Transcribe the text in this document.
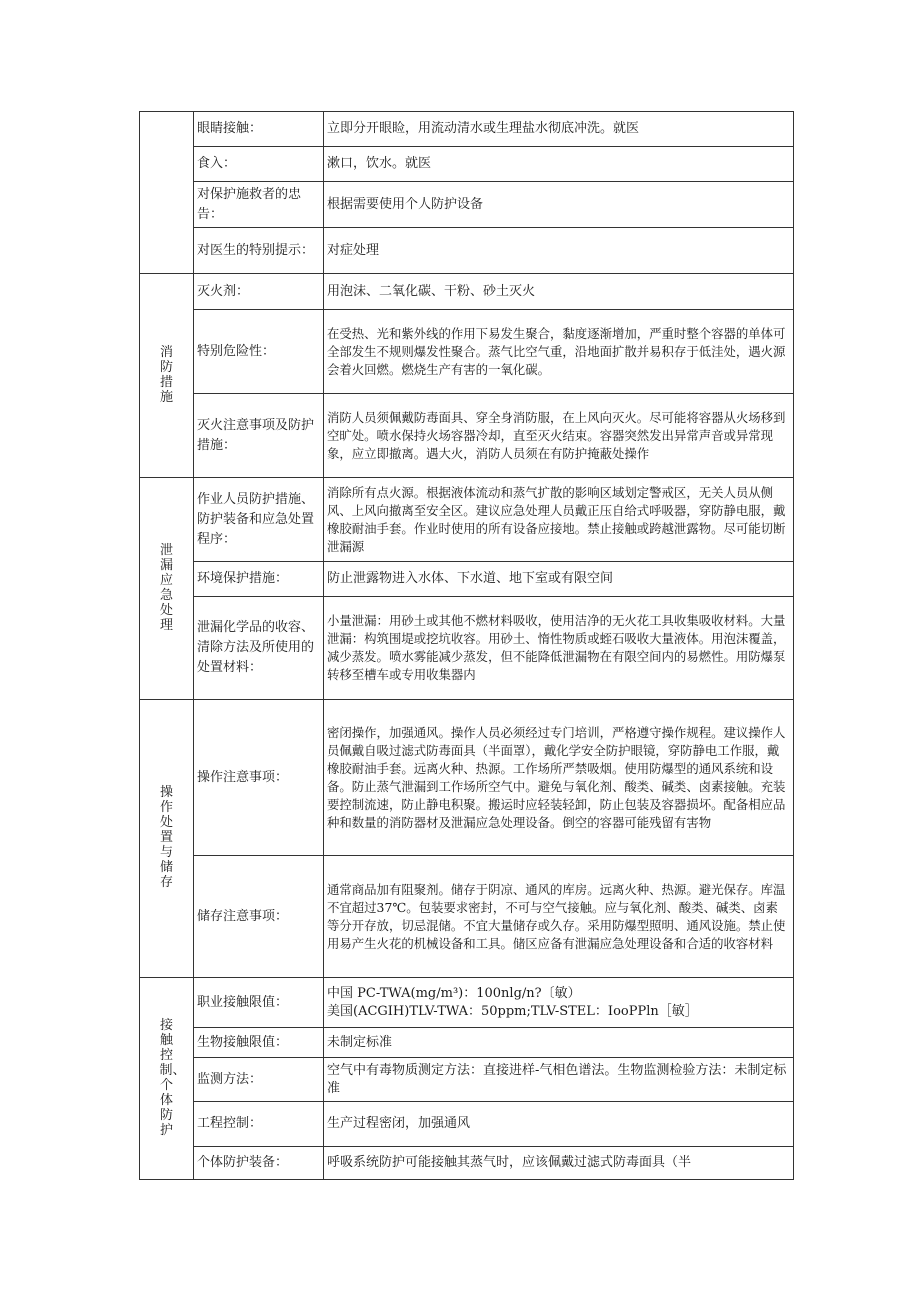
	眼睛接触：	立即分开眼睑，用流动清水或生理盐水彻底冲洗。就医
	食入：	漱口，饮水。就医
	对保护施救者的忠告：	根据需要使用个人防护设备
	对医生的特别提示：	对症处理
消防措施	灭火剂：	用泡沫、二氧化碳、干粉、砂土灭火
	特别危险性：	在受热、光和紫外线的作用下易发生聚合，黏度逐渐增加，严重时整个容器的单体可全部发生不规则爆发性聚合。蒸气比空气重，沿地面扩散并易积存于低洼处，遇火源会着火回燃。燃烧生产有害的一氧化碳。
	灭火注意事项及防护措施：	消防人员须佩戴防毒面具、穿全身消防服，在上风向灭火。尽可能将容器从火场移到空旷处。喷水保持火场容器冷却，直至灭火结束。容器突然发出异常声音或异常现象，应立即撤离。遇大火，消防人员须在有防护掩蔽处操作
泄漏应急处理	作业人员防护措施、防护装备和应急处置程序：	消除所有点火源。根据液体流动和蒸气扩散的影响区域划定警戒区，无关人员从侧风、上风向撤离至安全区。建议应急处理人员戴正压自给式呼吸器，穿防静电服，戴橡胶耐油手套。作业时使用的所有设备应接地。禁止接触或跨越泄露物。尽可能切断泄漏源
	环境保护措施：	防止泄露物进入水体、下水道、地下室或有限空间
	泄漏化学品的收容、清除方法及所使用的处置材料：	小量泄漏：用砂土或其他不燃材料吸收，使用洁净的无火花工具收集吸收材料。大量泄漏：构筑围堤或挖坑收容。用砂土、惰性物质或蛭石吸收大量液体。用泡沫覆盖，减少蒸发。喷水雾能减少蒸发，但不能降低泄漏物在有限空间内的易燃性。用防爆泵转移至槽车或专用收集器内
操作处置与储存	操作注意事项：	密闭操作，加强通风。操作人员必须经过专门培训，严格遵守操作规程。建议操作人员佩戴自吸过滤式防毒面具（半面罩），戴化学安全防护眼镜，穿防静电工作服，戴橡胶耐油手套。远离火种、热源。工作场所严禁吸烟。使用防爆型的通风系统和设备。防止蒸气泄漏到工作场所空气中。避免与氧化剂、酸类、碱类、卤素接触。充装要控制流速，防止静电积聚。搬运时应轻装轻卸，防止包装及容器损坏。配备相应品种和数量的消防器材及泄漏应急处理设备。倒空的容器可能残留有害物
	储存注意事项：	通常商品加有阻聚剂。储存于阴凉、通风的库房。远离火种、热源。避光保存。库温不宜超过37℃。包装要求密封，不可与空气接触。应与氧化剂、酸类、碱类、卤素等分开存放，切忌混储。不宜大量储存或久存。采用防爆型照明、通风设施。禁止使用易产生火花的机械设备和工具。储区应备有泄漏应急处理设备和合适的收容材料
接触控制、个体防护	职业接触限值：	中国 PC-TWA(mg/m³)：100nlg/n?〔敏）
美国(ACGIH)TLV-TWA：50ppm;TLV-STEL：IooPPln［敏］

	生物接触限值：	未制定标准
	监测方法：	空气中有毒物质测定方法：直接进样-气相色谱法。生物监测检验方法：未制定标准
	工程控制：	生产过程密闭，加强通风
	个体防护装备：	呼吸系统防护可能接触其蒸气时，应该佩戴过滤式防毒面具（半
